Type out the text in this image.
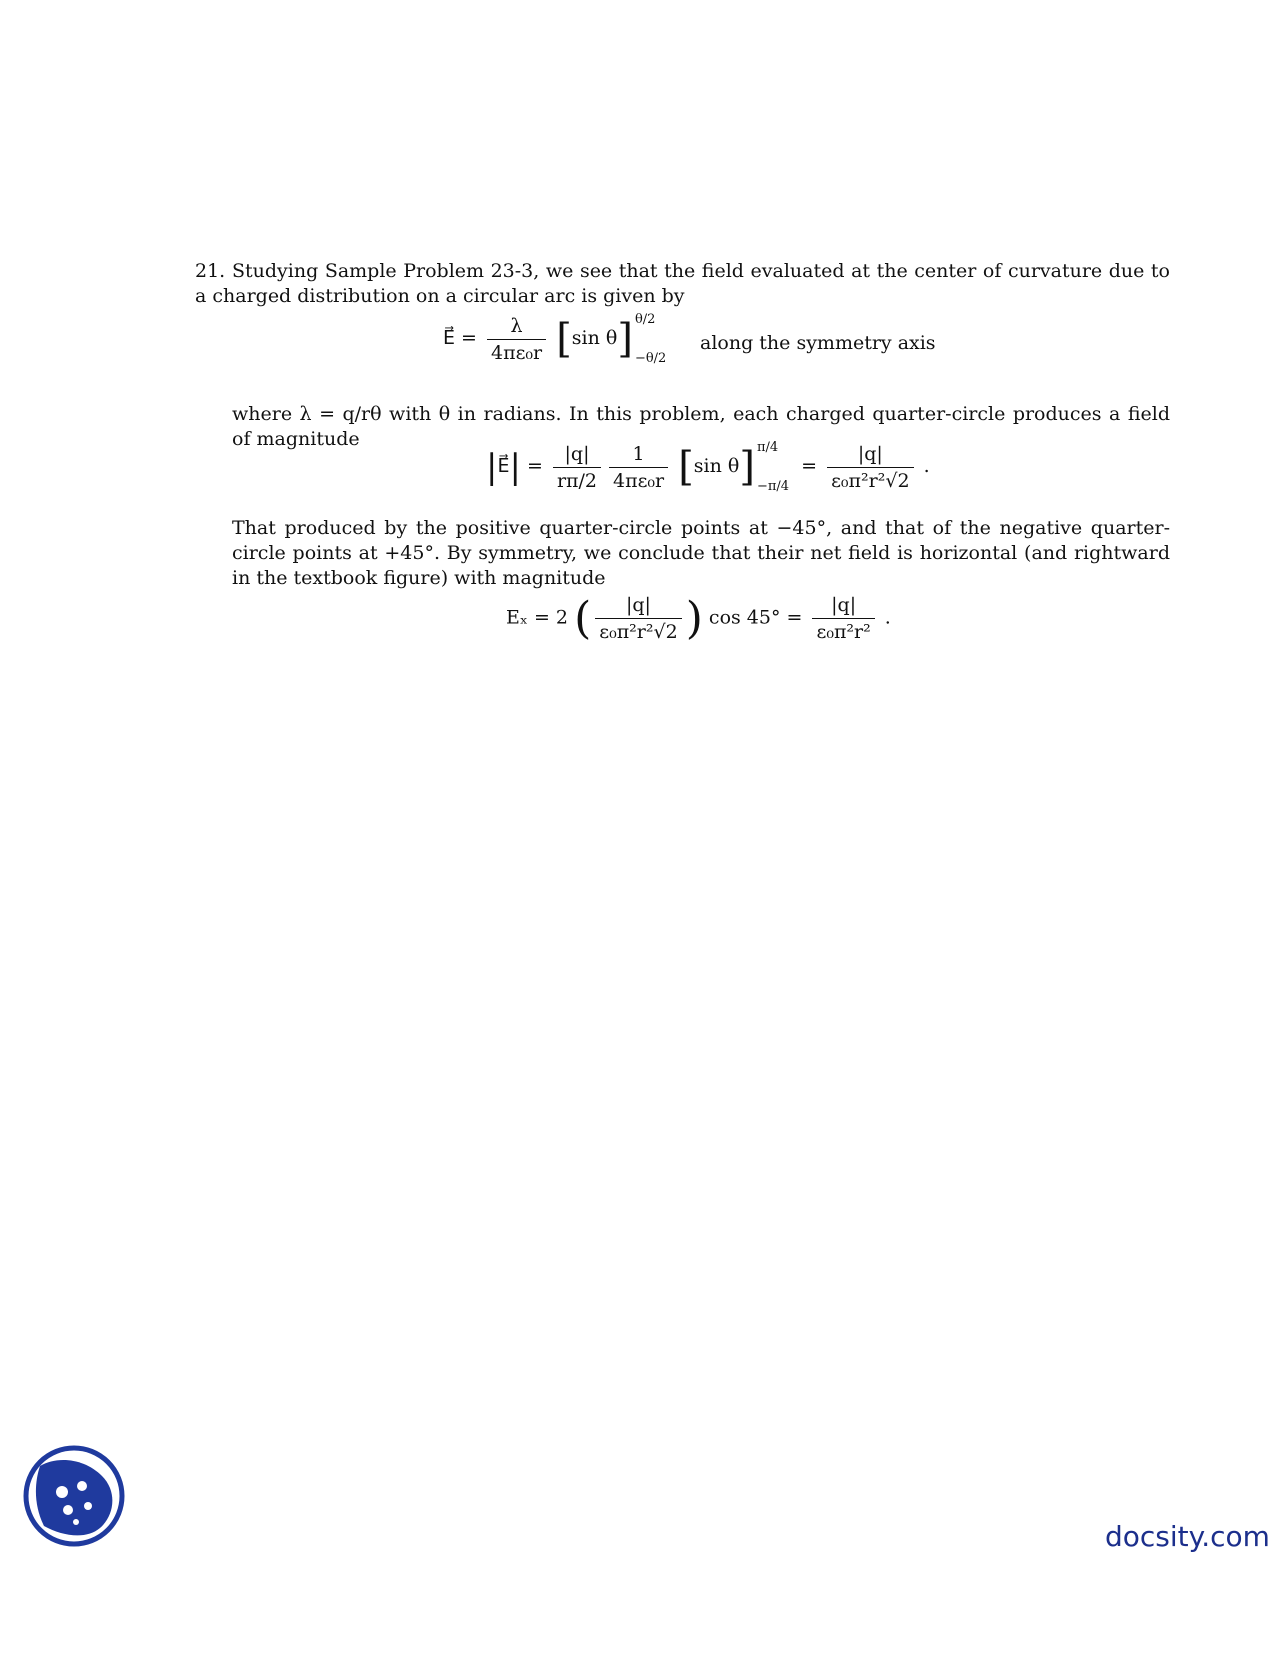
21. Studying Sample Problem 23-3, we see that the field evaluated at the center of curvature due to a charged distribution on a circular arc is given by
E⃗ = $\frac{\lambda}{\text{4πε₀r}} [\sin$ θ] θ/2
−θ/2
along the symmetry axis
where λ = q/rθ with θ in radians. In this problem, each charged quarter-circle produces a field of magnitude
|E⃗| = $\frac{|q|}{r\pi/2} \frac{1}{\text{4πε₀r}} [\sin$ θ] π/4
−π/4
= $\frac{|q|}{\text{ε₀π²r²√2}}$ .
That produced by the positive quarter-circle points at −45°, and that of the negative quarter-circle points at +45°. By symmetry, we conclude that their net field is horizontal (and rightward in the textbook figure) with magnitude
Eₓ = 2 ( $\frac{|q|}{\text{ε₀π²r²√2}}$ ) $\cos 45^\circ = \frac{|q|}{\text{ε₀π²r²}}$ .
docsity.com
